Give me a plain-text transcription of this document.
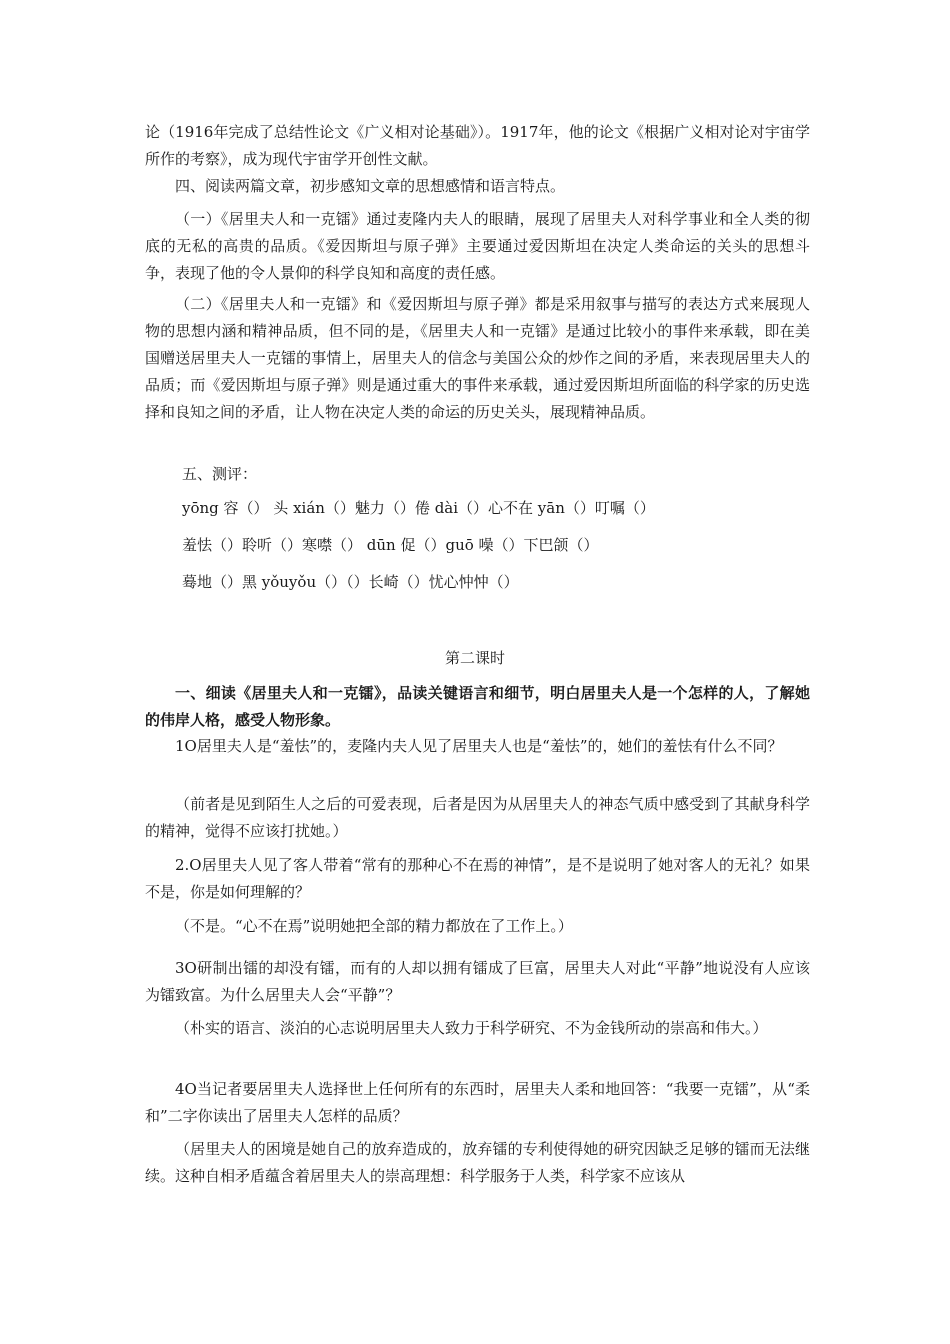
论（1916年完成了总结性论文《广义相对论基础》）。1917年，他的论文《根据广义相对论对宇宙学所作的考察》，成为现代宇宙学开创性文献。

四、阅读两篇文章，初步感知文章的思想感情和语言特点。

（一）《居里夫人和一克镭》通过麦隆内夫人的眼睛，展现了居里夫人对科学事业和全人类的彻底的无私的高贵的品质。《爱因斯坦与原子弹》主要通过爱因斯坦在决定人类命运的关头的思想斗争，表现了他的令人景仰的科学良知和高度的责任感。

（二）《居里夫人和一克镭》和《爱因斯坦与原子弹》都是采用叙事与描写的表达方式来展现人物的思想内涵和精神品质，但不同的是，《居里夫人和一克镭》是通过比较小的事件来承载，即在美国赠送居里夫人一克镭的事情上，居里夫人的信念与美国公众的炒作之间的矛盾，来表现居里夫人的品质；而《爱因斯坦与原子弹》则是通过重大的事件来承载，通过爱因斯坦所面临的科学家的历史选择和良知之间的矛盾，让人物在决定人类的命运的历史关头，展现精神品质。

五、测评：
yōng 容（） 头 xián（）魅力（）倦 dài（）心不在 yān（）叮嘱（）
羞怯（）聆听（）寒噤（） dūn 促（）guō 噪（）下巴颌（）
蓦地（）黑 yǒuyǒu（）（）长崎（）忧心忡忡（）
第二课时

一、细读《居里夫人和一克镭》，品读关键语言和细节，明白居里夫人是一个怎样的人，了解她的伟岸人格，感受人物形象。

1O居里夫人是“羞怯”的，麦隆内夫人见了居里夫人也是“羞怯”的，她们的羞怯有什么不同？

（前者是见到陌生人之后的可爱表现，后者是因为从居里夫人的神态气质中感受到了其献身科学的精神，觉得不应该打扰她。）

2.O居里夫人见了客人带着“常有的那种心不在焉的神情”，是不是说明了她对客人的无礼？如果不是，你是如何理解的？

（不是。“心不在焉”说明她把全部的精力都放在了工作上。）

3O研制出镭的却没有镭，而有的人却以拥有镭成了巨富，居里夫人对此“平静”地说没有人应该为镭致富。为什么居里夫人会“平静”？

（朴实的语言、淡泊的心志说明居里夫人致力于科学研究、不为金钱所动的崇高和伟大。）

4O当记者要居里夫人选择世上任何所有的东西时，居里夫人柔和地回答：“我要一克镭”，从“柔和”二字你读出了居里夫人怎样的品质？

（居里夫人的困境是她自己的放弃造成的，放弃镭的专利使得她的研究因缺乏足够的镭而无法继续。这种自相矛盾蕴含着居里夫人的崇高理想：科学服务于人类，科学家不应该从
